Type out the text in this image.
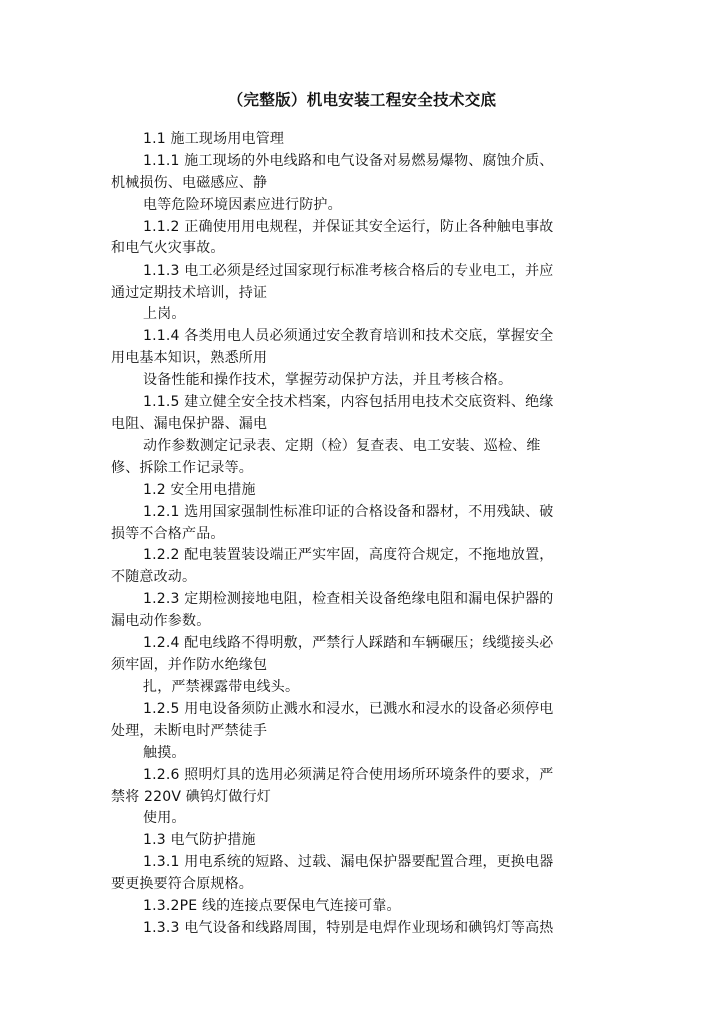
（完整版）机电安装工程安全技术交底
1.1 施工现场用电管理
1.1.1 施工现场的外电线路和电气设备对易燃易爆物、腐蚀介质、
机械损伤、电磁感应、静
电等危险环境因素应进行防护。
1.1.2 正确使用用电规程，并保证其安全运行，防止各种触电事故
和电气火灾事故。
1.1.3 电工必须是经过国家现行标准考核合格后的专业电工，并应
通过定期技术培训，持证
上岗。
1.1.4 各类用电人员必须通过安全教育培训和技术交底，掌握安全
用电基本知识，熟悉所用
设备性能和操作技术，掌握劳动保护方法，并且考核合格。
1.1.5 建立健全安全技术档案，内容包括用电技术交底资料、绝缘
电阻、漏电保护器、漏电
动作参数测定记录表、定期（检）复查表、电工安装、巡检、维
修、拆除工作记录等。
1.2 安全用电措施
1.2.1 选用国家强制性标准印证的合格设备和器材，不用残缺、破
损等不合格产品。
1.2.2 配电装置装设端正严实牢固，高度符合规定，不拖地放置，
不随意改动。
1.2.3 定期检测接地电阻，检查相关设备绝缘电阻和漏电保护器的
漏电动作参数。
1.2.4 配电线路不得明敷，严禁行人踩踏和车辆碾压；线缆接头必
须牢固，并作防水绝缘包
扎，严禁裸露带电线头。
1.2.5 用电设备须防止溅水和浸水，已溅水和浸水的设备必须停电
处理，未断电时严禁徒手
触摸。
1.2.6 照明灯具的选用必须满足符合使用场所环境条件的要求，严
禁将 220V 碘钨灯做行灯
使用。
1.3 电气防护措施
1.3.1 用电系统的短路、过载、漏电保护器要配置合理，更换电器
要更换要符合原规格。
1.3.2PE 线的连接点要保电气连接可靠。
1.3.3 电气设备和线路周围，特别是电焊作业现场和碘钨灯等高热
